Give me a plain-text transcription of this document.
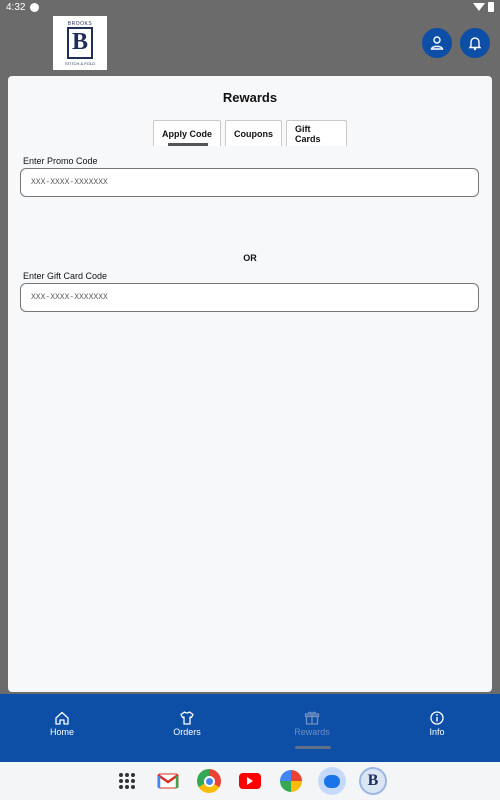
4:32
BROOKS
B
STITCH & FOLD
Rewards
Apply Code Coupons Gift Cards
Enter Promo Code
XXX-XXXX-XXXXXXX
OR
Enter Gift Card Code
XXX-XXXX-XXXXXXX
Home	Orders	Rewards	Info
B
